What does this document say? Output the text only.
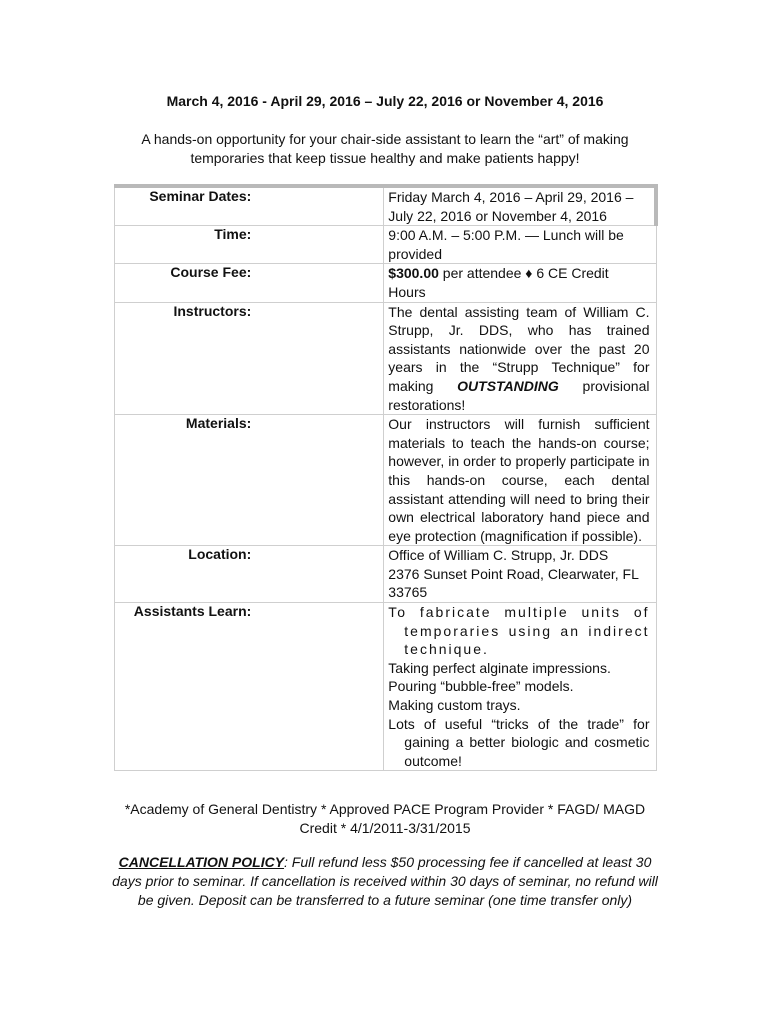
March 4, 2016 - April 29, 2016 – July 22, 2016 or November 4, 2016
A hands-on opportunity for your chair-side assistant to learn the “art” of making temporaries that keep tissue healthy and make patients happy!
Seminar Dates:	Friday March 4, 2016 – April 29, 2016 – July 22, 2016 or November 4, 2016
Time:	9:00 A.M. – 5:00 P.M. — Lunch will be provided
Course Fee:	$300.00 per attendee ♦ 6 CE Credit Hours
Instructors:	The dental assisting team of William C. Strupp, Jr. DDS, who has trained assistants nationwide over the past 20 years in the “Strupp Technique” for making OUTSTANDING provisional restorations!
Materials:	Our instructors will furnish sufficient materials to teach the hands-on course; however, in order to properly participate in this hands-on course, each dental assistant attending will need to bring their own electrical laboratory hand piece and eye protection (magnification if possible).
Location:	Office of William C. Strupp, Jr. DDS
2376 Sunset Point Road, Clearwater, FL 33765

Assistants Learn:	To fabricate multiple units of temporaries using an indirect technique.
Taking perfect alginate impressions.
Pouring “bubble-free” models.
Making custom trays.
Lots of useful “tricks of the trade” for gaining a better biologic and cosmetic outcome!
*Academy of General Dentistry * Approved PACE Program Provider * FAGD/ MAGD Credit * 4/1/2011-3/31/2015
CANCELLATION POLICY: Full refund less $50 processing fee if cancelled at least 30 days prior to seminar. If cancellation is received within 30 days of seminar, no refund will be given. Deposit can be transferred to a future seminar (one time transfer only)
